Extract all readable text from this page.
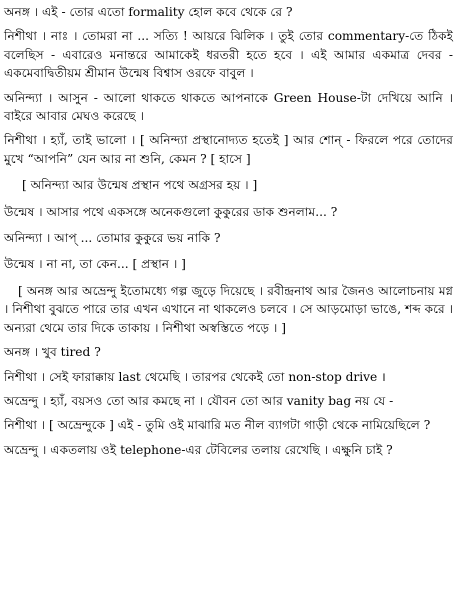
অনঙ্গ । এই - তোর এতো formality হোল কবে থেকে রে ?

নিশীথা । নাঃ । তোমরা না ... সত্যি ! আয়রে ঝিলিক । তুই তোর commentary-তে ঠিকই বলেছিস - এবারেও মনান্তরে আমাকেই ধরতরী হতে হবে । এই আমার একমাত্র দেবর - একমেবাদ্বিতীয়ম শ্রীমান উন্মেষ বিশ্বাস ওরফে বাবুল ।

অনিন্দ্যা । আসুন - আলো থাকতে থাকতে আপনাকে Green House-টা দেখিয়ে আনি । বাইরে আবার মেঘও করেছে ।

নিশীথা । হ্যাঁ, তাই ভালো । [ অনিন্দ্যা প্রস্থানোদ্যত হতেই ] আর শোন্ - ফিরলে পরে তোদের মুখে “আপনি” যেন আর না শুনি, কেমন ? [ হাসে ]

[ অনিন্দ্যা আর উন্মেষ প্রস্থান পথে অগ্রসর হয় । ]

উন্মেষ । আসার পথে একসঙ্গে অনেকগুলো কুকুরের ডাক শুনলাম... ?

অনিন্দ্যা । আপ্ ... তোমার কুকুরে ভয় নাকি ?

উন্মেষ । না না, তা কেন... [ প্রস্থান । ]

[ অনঙ্গ আর অভ্রেন্দু ইতোমধ্যে গল্প জুড়ে দিয়েছে । রবীন্দ্রনাথ আর জৈনও আলোচনায় মগ্ন । নিশীথা বুঝতে পারে তার এখন এখানে না থাকলেও চলবে । সে আড়মোড়া ভাঙে, শব্দ করে । অন্যরা থেমে তার দিকে তাকায় । নিশীথা অস্বস্তিতে পড়ে । ]

অনঙ্গ । খুব tired ?

নিশীথা । সেই ফারাক্কায় last থেমেছি । তারপর থেকেই তো non-stop drive ।

অভ্রেন্দু । হ্যাঁ, বয়সও তো আর কমছে না । যৌবন তো আর vanity bag নয় যে -

নিশীথা । [ অভ্রেন্দুকে ] এই - তুমি ওই মাঝারি মত নীল ব্যাগটা গাড়ী থেকে নামিয়েছিলে ?

অভ্রেন্দু । একতলায় ওই telephone-এর টেবিলের তলায় রেখেছি । এক্ষুনি চাই ?
